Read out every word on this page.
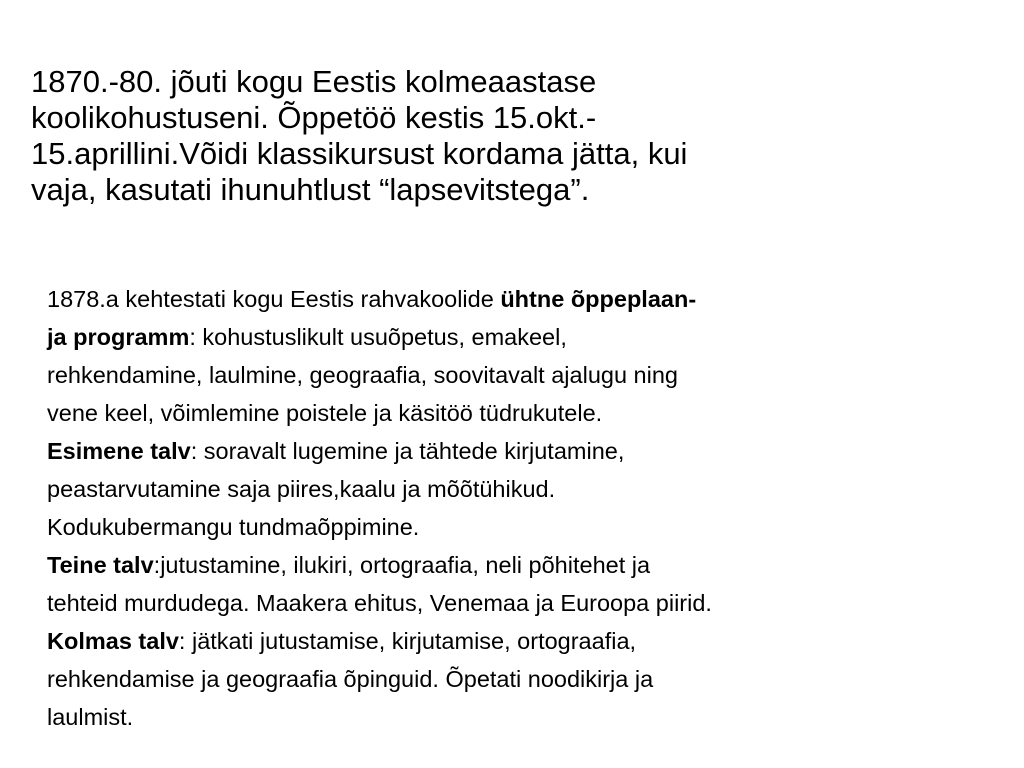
1870.-80. jõuti kogu Eestis kolmeaastase
koolikohustuseni. Õppetöö kestis 15.okt.-
15.aprillini.Võidi klassikursust kordama jätta, kui
vaja, kasutati ihunuhtlust “lapsevitstega”.

1878.a kehtestati kogu Eestis rahvakoolide ühtne õppeplaan-
ja programm: kohustuslikult usuõpetus, emakeel,
rehkendamine, laulmine, geograafia, soovitavalt ajalugu ning
vene keel, võimlemine poistele ja käsitöö tüdrukutele.
Esimene talv: soravalt lugemine ja tähtede kirjutamine,
peastarvutamine saja piires,kaalu ja mõõtühikud.
Kodukubermangu tundmaõppimine.
Teine talv:jutustamine, ilukiri, ortograafia, neli põhitehet ja
tehteid murdudega. Maakera ehitus, Venemaa ja Euroopa piirid.
Kolmas talv: jätkati jutustamise, kirjutamise, ortograafia,
rehkendamise ja geograafia õpinguid. Õpetati noodikirja ja
laulmist.
